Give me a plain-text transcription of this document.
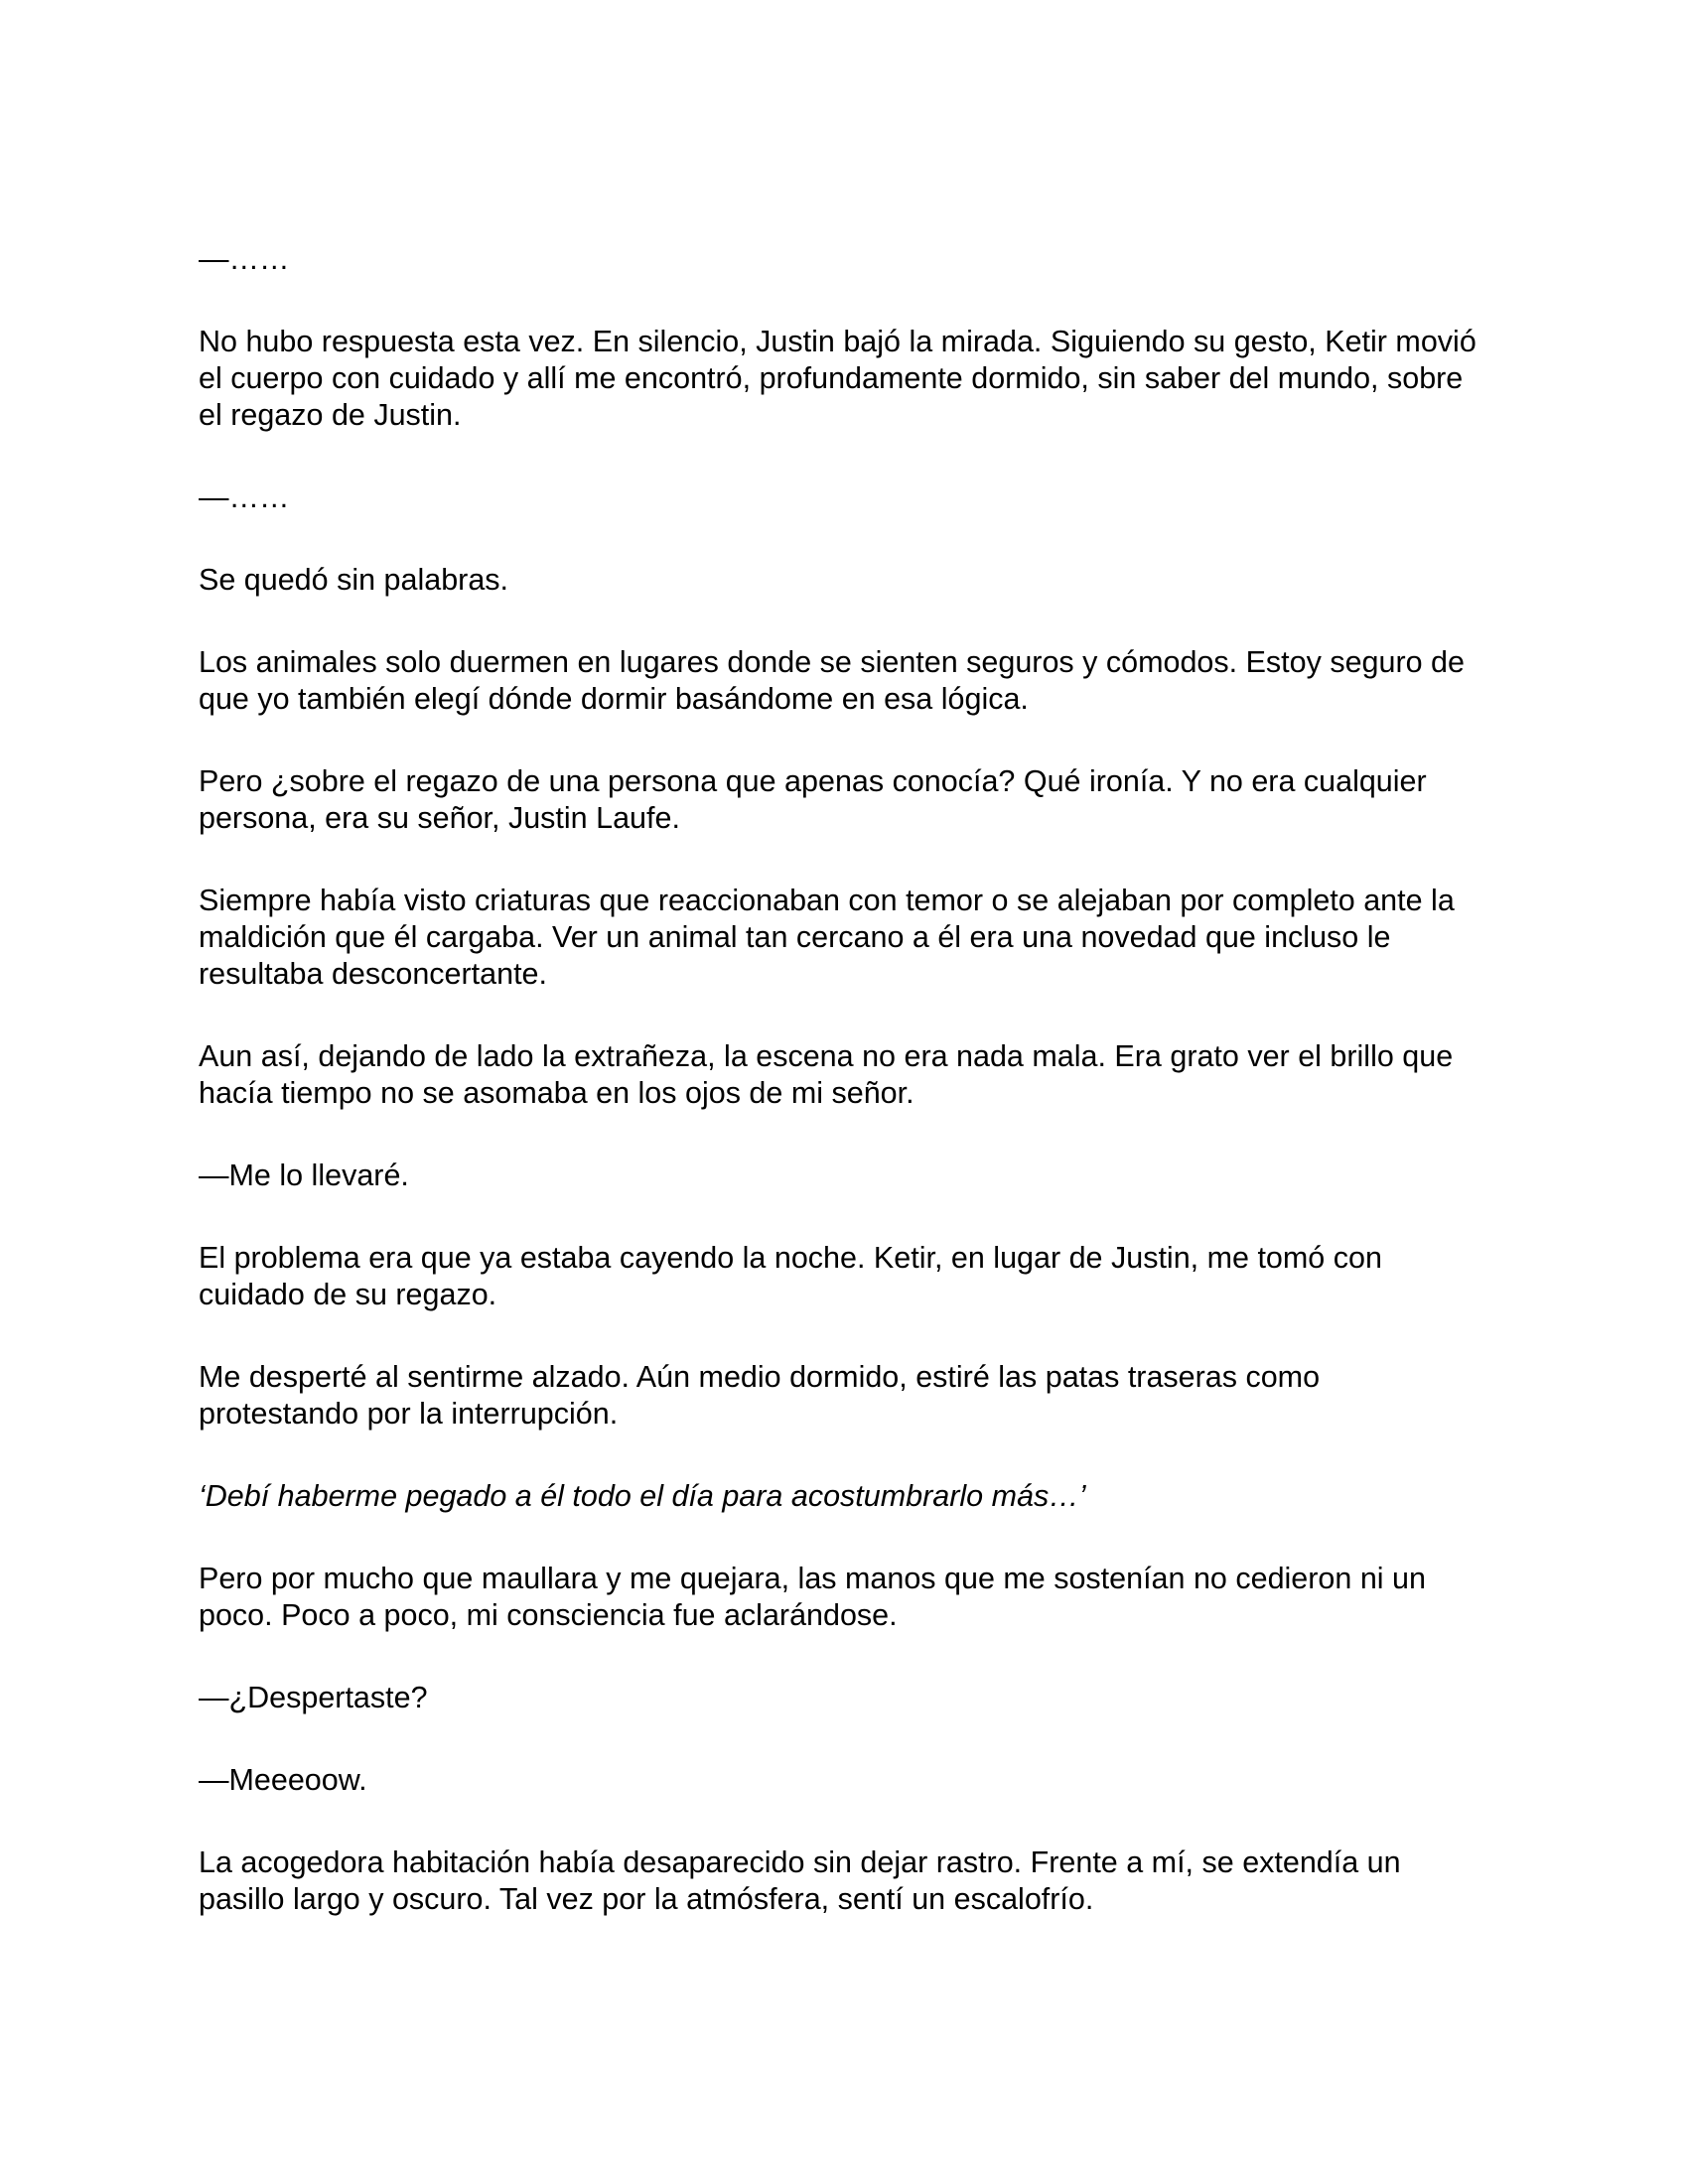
—……

No hubo respuesta esta vez. En silencio, Justin bajó la mirada. Siguiendo su gesto, Ketir movió el cuerpo con cuidado y allí me encontró, profundamente dormido, sin saber del mundo, sobre el regazo de Justin.

—……

Se quedó sin palabras.

Los animales solo duermen en lugares donde se sienten seguros y cómodos. Estoy seguro de que yo también elegí dónde dormir basándome en esa lógica.

Pero ¿sobre el regazo de una persona que apenas conocía? Qué ironía. Y no era cualquier persona, era su señor, Justin Laufe.

Siempre había visto criaturas que reaccionaban con temor o se alejaban por completo ante la maldición que él cargaba. Ver un animal tan cercano a él era una novedad que incluso le resultaba desconcertante.

Aun así, dejando de lado la extrañeza, la escena no era nada mala. Era grato ver el brillo que hacía tiempo no se asomaba en los ojos de mi señor.

—Me lo llevaré.

El problema era que ya estaba cayendo la noche. Ketir, en lugar de Justin, me tomó con cuidado de su regazo.

Me desperté al sentirme alzado. Aún medio dormido, estiré las patas traseras como protestando por la interrupción.

‘Debí haberme pegado a él todo el día para acostumbrarlo más…’

Pero por mucho que maullara y me quejara, las manos que me sostenían no cedieron ni un poco. Poco a poco, mi consciencia fue aclarándose.

—¿Despertaste?

—Meeeoow.

La acogedora habitación había desaparecido sin dejar rastro. Frente a mí, se extendía un pasillo largo y oscuro. Tal vez por la atmósfera, sentí un escalofrío.
